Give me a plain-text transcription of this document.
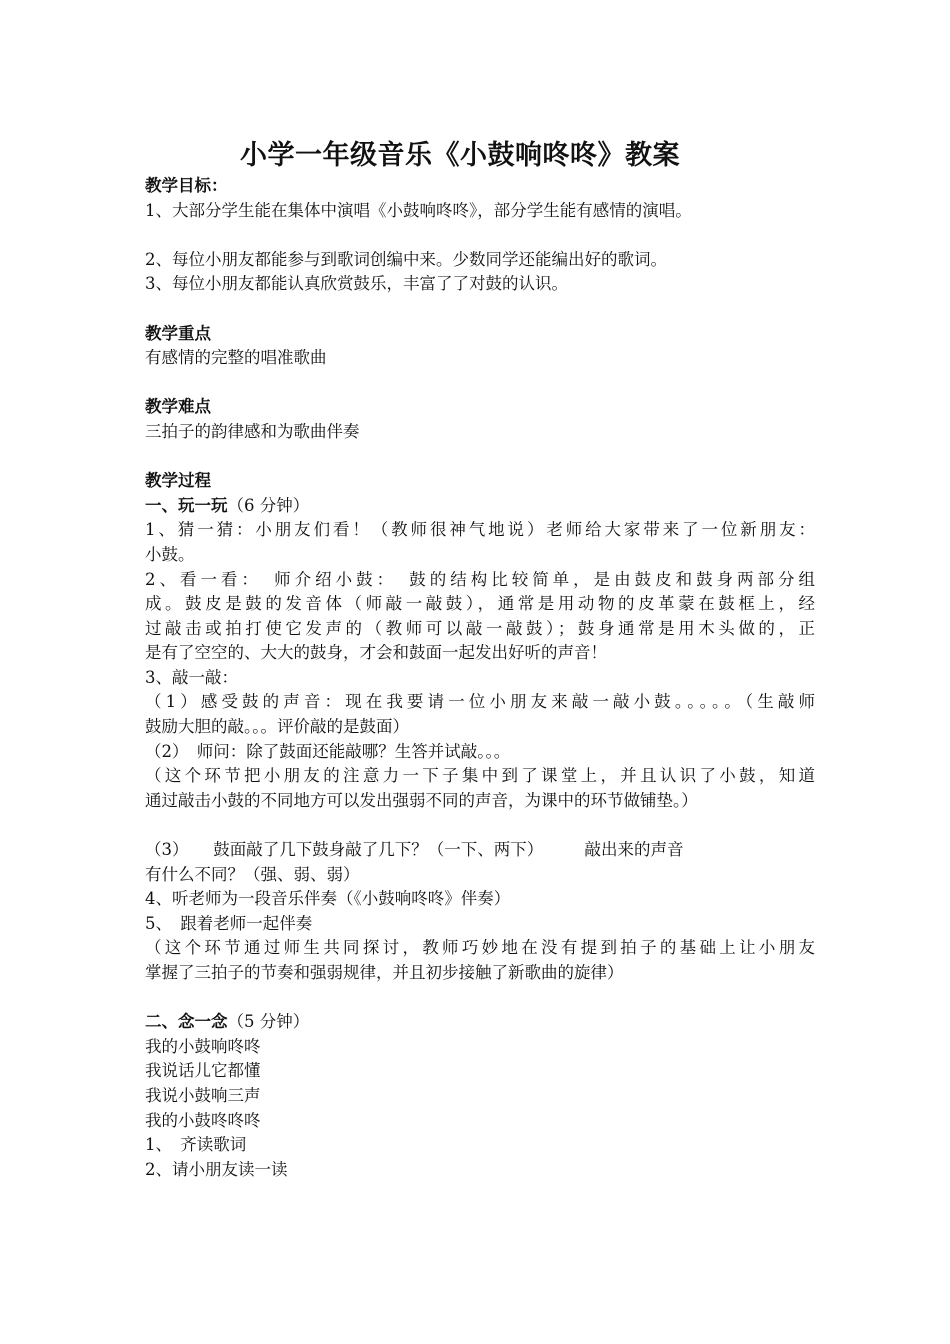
小学一年级音乐《小鼓响咚咚》教案
教学目标：
1、大部分学生能在集体中演唱《小鼓响咚咚》，部分学生能有感情的演唱。
2、每位小朋友都能参与到歌词创编中来。少数同学还能编出好的歌词。
3、每位小朋友都能认真欣赏鼓乐，丰富了了对鼓的认识。
教学重点
有感情的完整的唱准歌曲
教学难点
三拍子的韵律感和为歌曲伴奏
教学过程
一、玩一玩（6 分钟）
1、猜一猜：小朋友们看！（教师很神气地说）老师给大家带来了一位新朋友：
小鼓。
2、看一看：　师介绍小鼓：　鼓的结构比较简单，是由鼓皮和鼓身两部分组
成。鼓皮是鼓的发音体（师敲一敲鼓），通常是用动物的皮革蒙在鼓框上，经
过敲击或拍打使它发声的（教师可以敲一敲鼓）；鼓身通常是用木头做的，正
是有了空空的、大大的鼓身，才会和鼓面一起发出好听的声音！
3、敲一敲：
（1）感受鼓的声音：现在我要请一位小朋友来敲一敲小鼓。。。。。（生敲师
鼓励大胆的敲。。。评价敲的是鼓面）
（2）　师问：除了鼓面还能敲哪？生答并试敲。。。
（这个环节把小朋友的注意力一下子集中到了课堂上，并且认识了小鼓，知道
通过敲击小鼓的不同地方可以发出强弱不同的声音，为课中的环节做铺垫。）
（3）　　鼓面敲了几下鼓身敲了几下？（一下、两下）　　　敲出来的声音
有什么不同？（强、弱、弱）
4、听老师为一段音乐伴奏（《小鼓响咚咚》伴奏）
5、　跟着老师一起伴奏
（这个环节通过师生共同探讨，教师巧妙地在没有提到拍子的基础上让小朋友
掌握了三拍子的节奏和强弱规律，并且初步接触了新歌曲的旋律）
二、念一念（5 分钟）
我的小鼓响咚咚
我说话儿它都懂
我说小鼓响三声
我的小鼓咚咚咚
1、　齐读歌词
2、请小朋友读一读
